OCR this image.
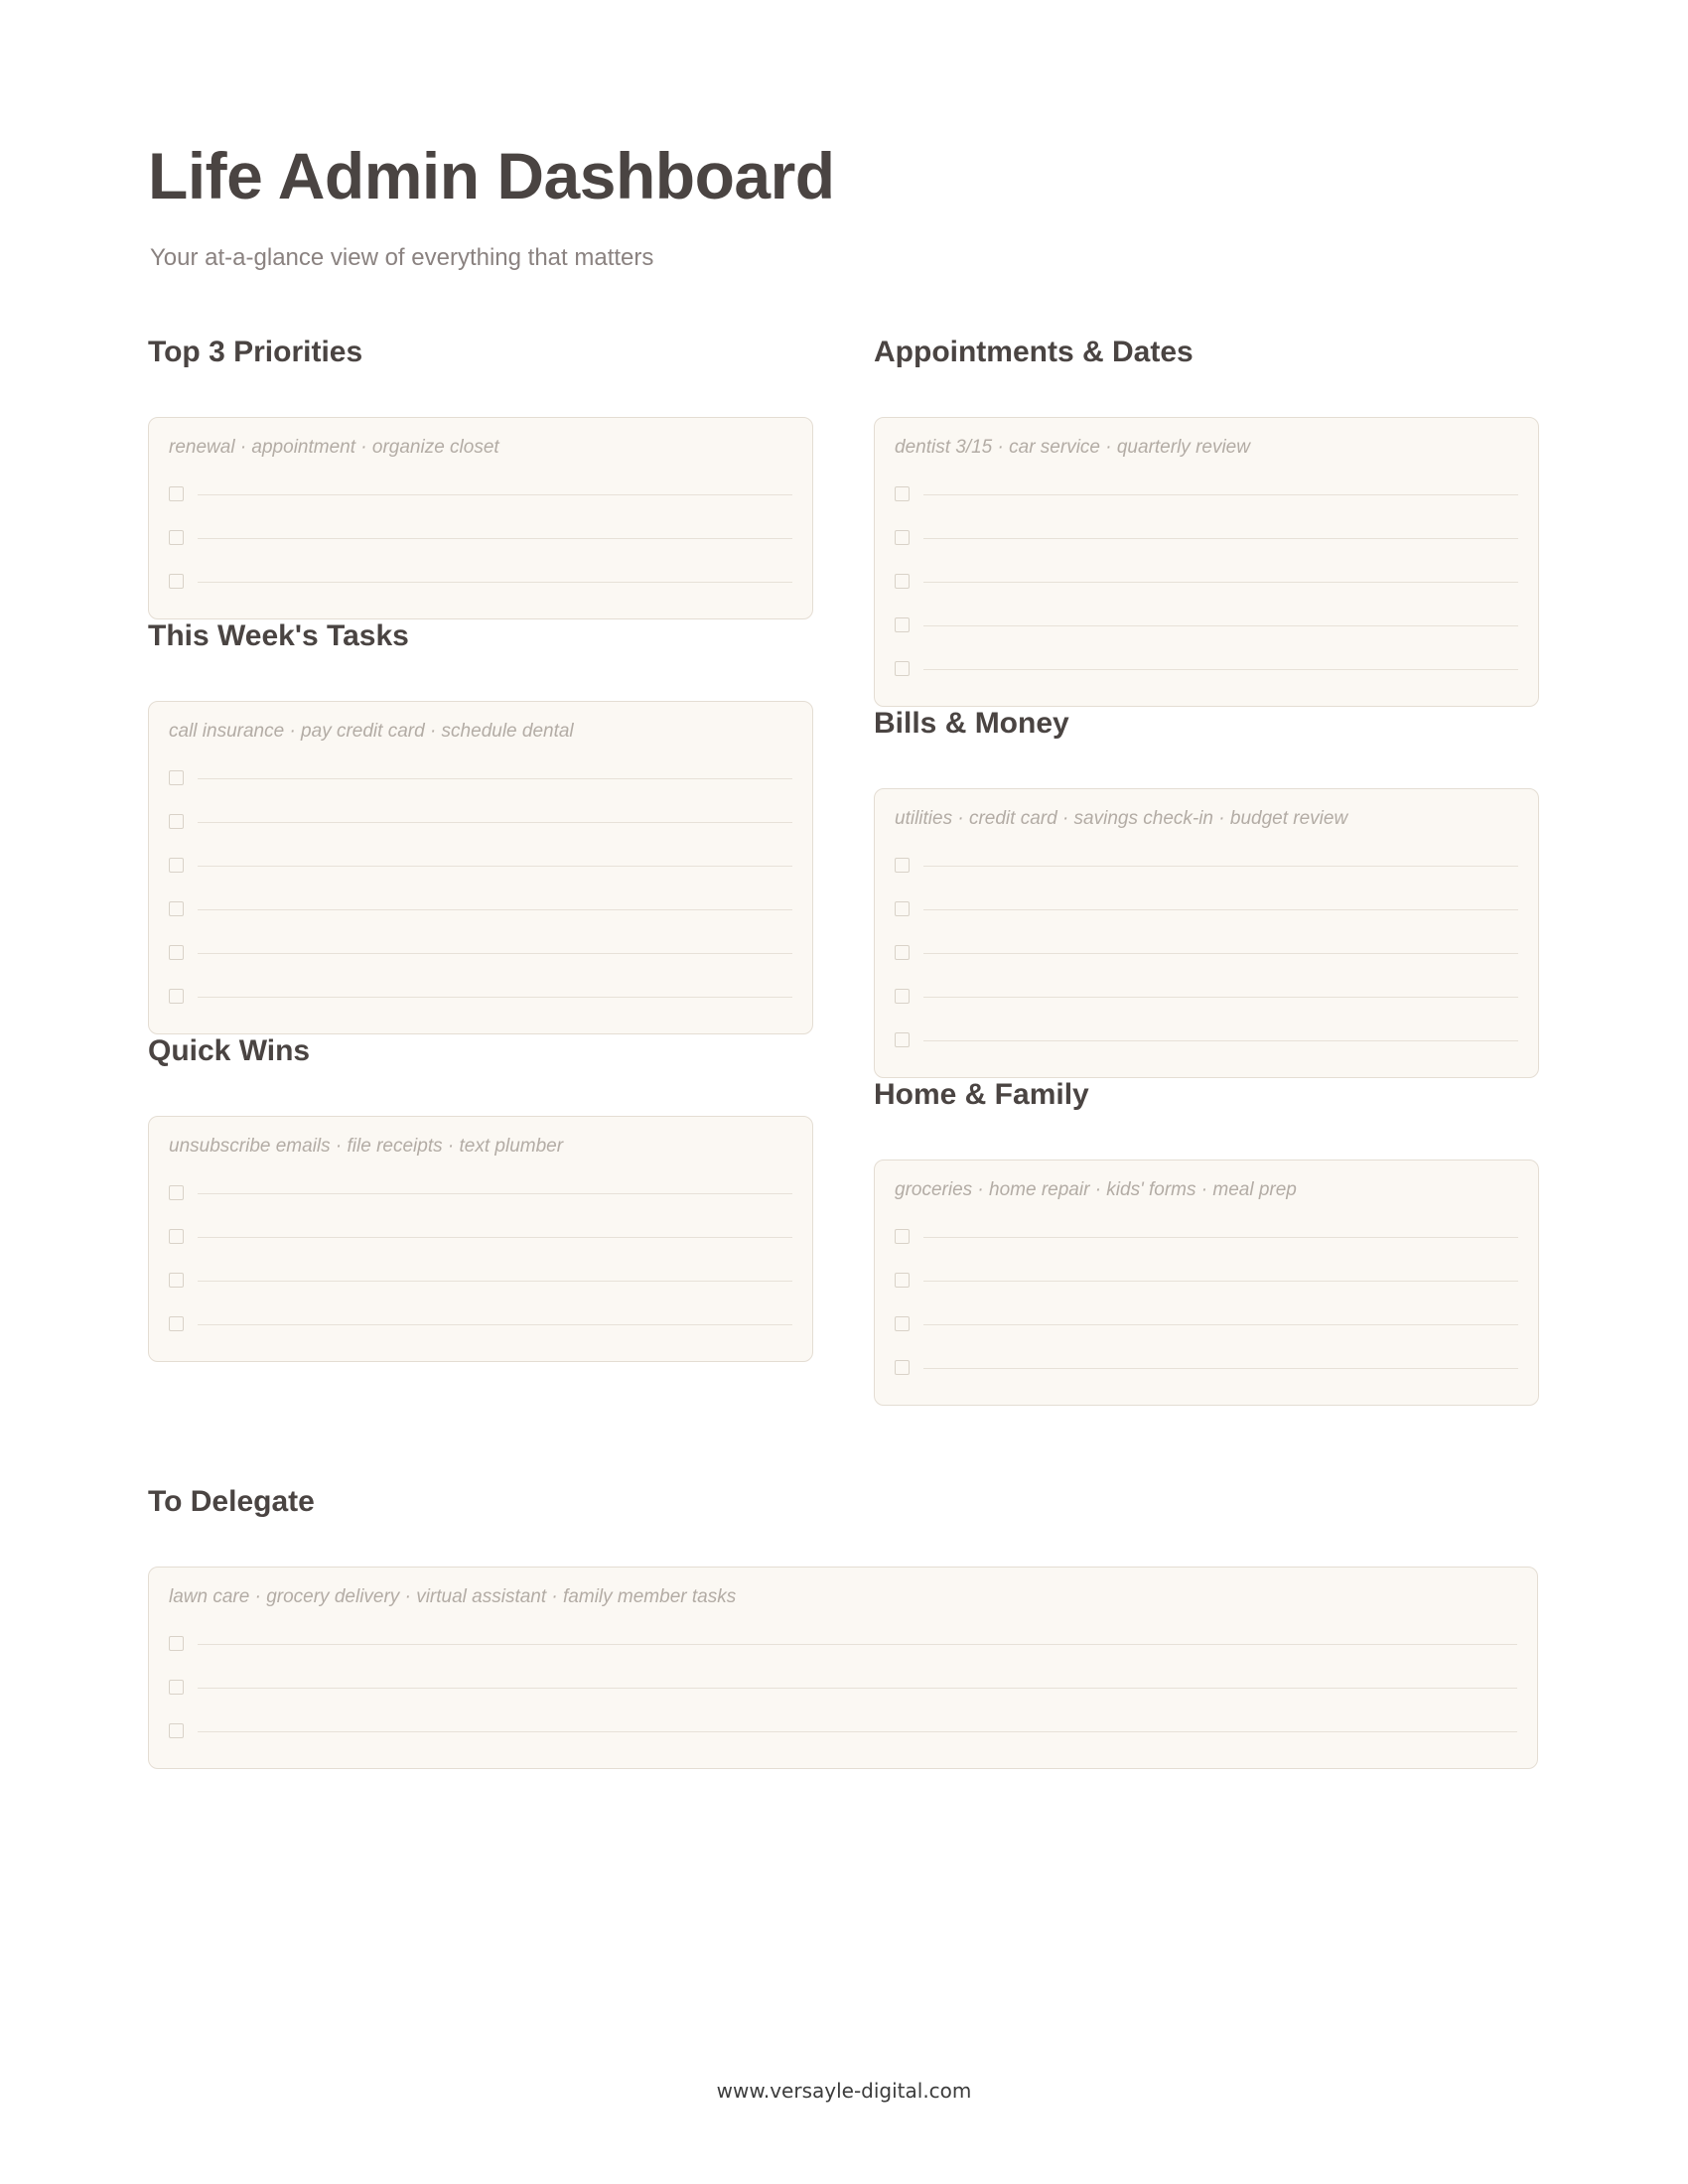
Life Admin Dashboard

Your at-a-glance view of everything that matters

Top 3 Priorities
renewal · appointment · organize closet
This Week's Tasks
call insurance · pay credit card · schedule dental
Quick Wins
unsubscribe emails · file receipts · text plumber
Appointments & Dates
dentist 3/15 · car service · quarterly review
Bills & Money
utilities · credit card · savings check-in · budget review
Home & Family
groceries · home repair · kids' forms · meal prep
To Delegate
lawn care · grocery delivery · virtual assistant · family member tasks
www.versayle-digital.com
